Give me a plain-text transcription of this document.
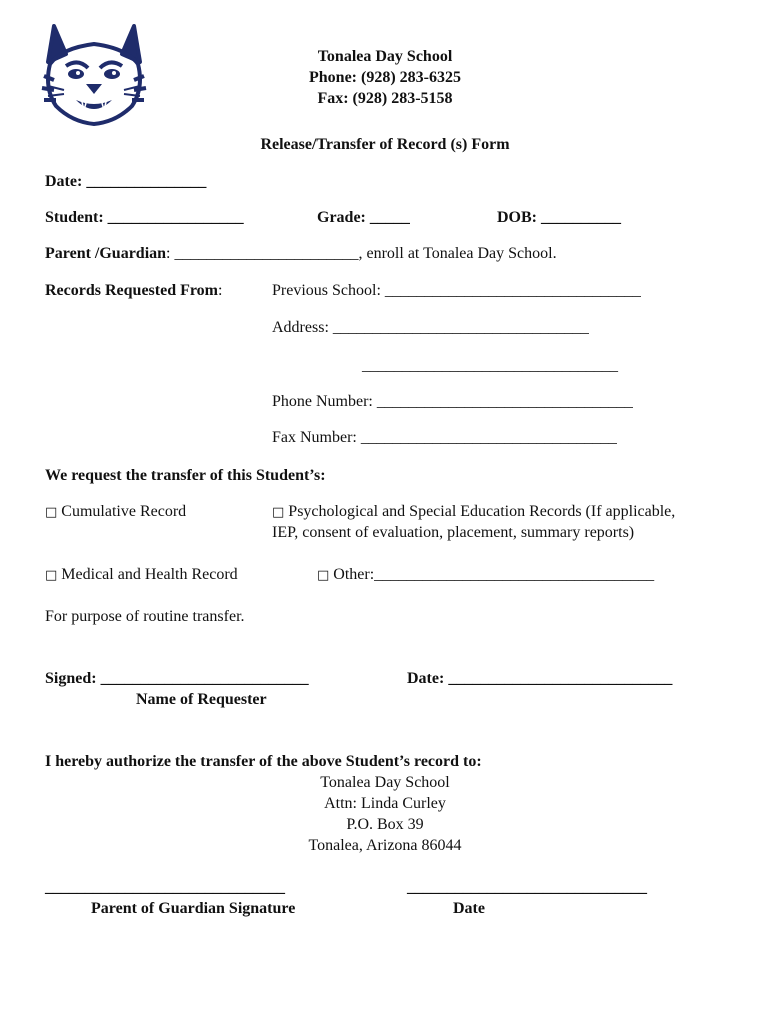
Tonalea Day School
Phone: (928) 283-6325
Fax: (928) 283-5158
Release/Transfer of Record (s) Form
Date: _______________
Student: _________________	Grade: _____	DOB: __________
Parent /Guardian: _______________________, enroll at Tonalea Day School.
Records Requested From:	Previous School: ________________________________
Address: ________________________________
________________________________
Phone Number: ________________________________
Fax Number: ________________________________
We request the transfer of this Student’s:
□ Cumulative Record	□ Psychological and Special Education Records (If applicable,
IEP, consent of evaluation, placement, summary reports)
□ Medical and Health Record	□ Other:___________________________________
For purpose of routine transfer.
Signed: __________________________	Date: ____________________________
Name of Requester
I hereby authorize the transfer of the above Student’s record to:
Tonalea Day School
Attn: Linda Curley
P.O. Box 39
Tonalea, Arizona 86044
______________________________	______________________________
Parent of Guardian Signature	Date
